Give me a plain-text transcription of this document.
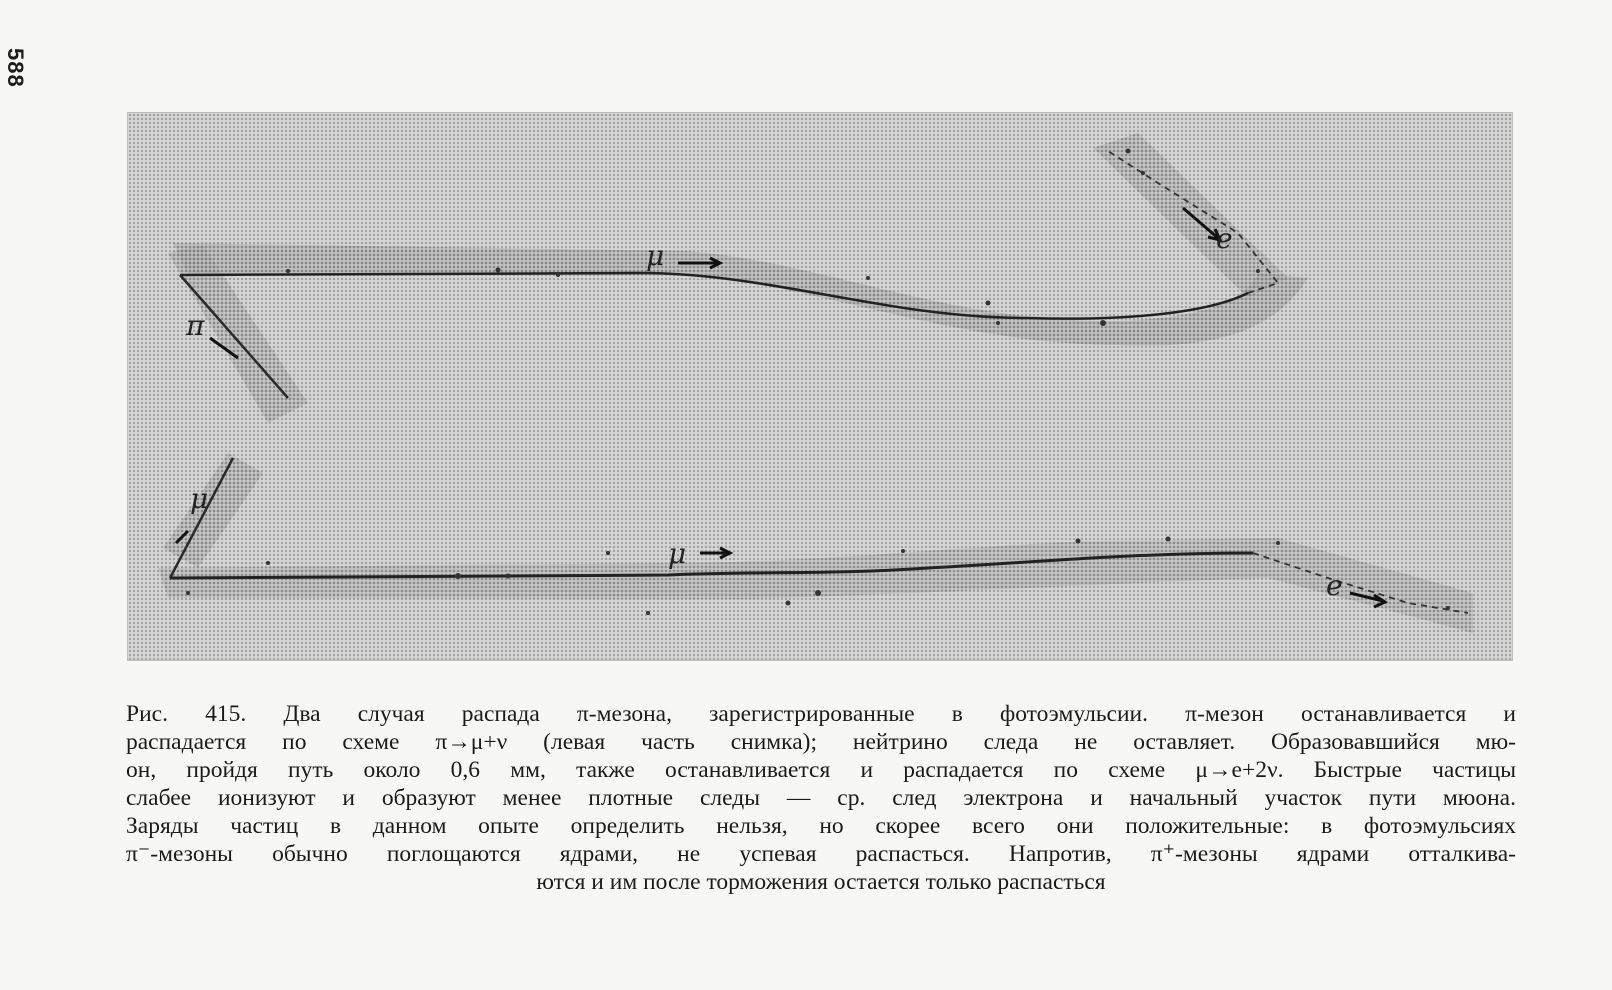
588
μ
e
π
μ
μ
e
Рис. 415. Два случая распада π-мезона, зарегистрированные в фотоэмульсии. π-мезон останавливается и
распадается по схеме π→μ+ν (левая часть снимка); нейтрино следа не оставляет. Образовавшийся мю-
он, пройдя путь около 0,6 мм, также останавливается и распадается по схеме μ→e+2ν. Быстрые частицы
слабее ионизуют и образуют менее плотные следы — ср. след электрона и начальный участок пути мюона.
Заряды частиц в данном опыте определить нельзя, но скорее всего они положительные: в фотоэмульсиях
π⁻-мезоны обычно поглощаются ядрами, не успевая распасться. Напротив, π⁺-мезоны ядрами отталкива-
ются и им после торможения остается только распасться
